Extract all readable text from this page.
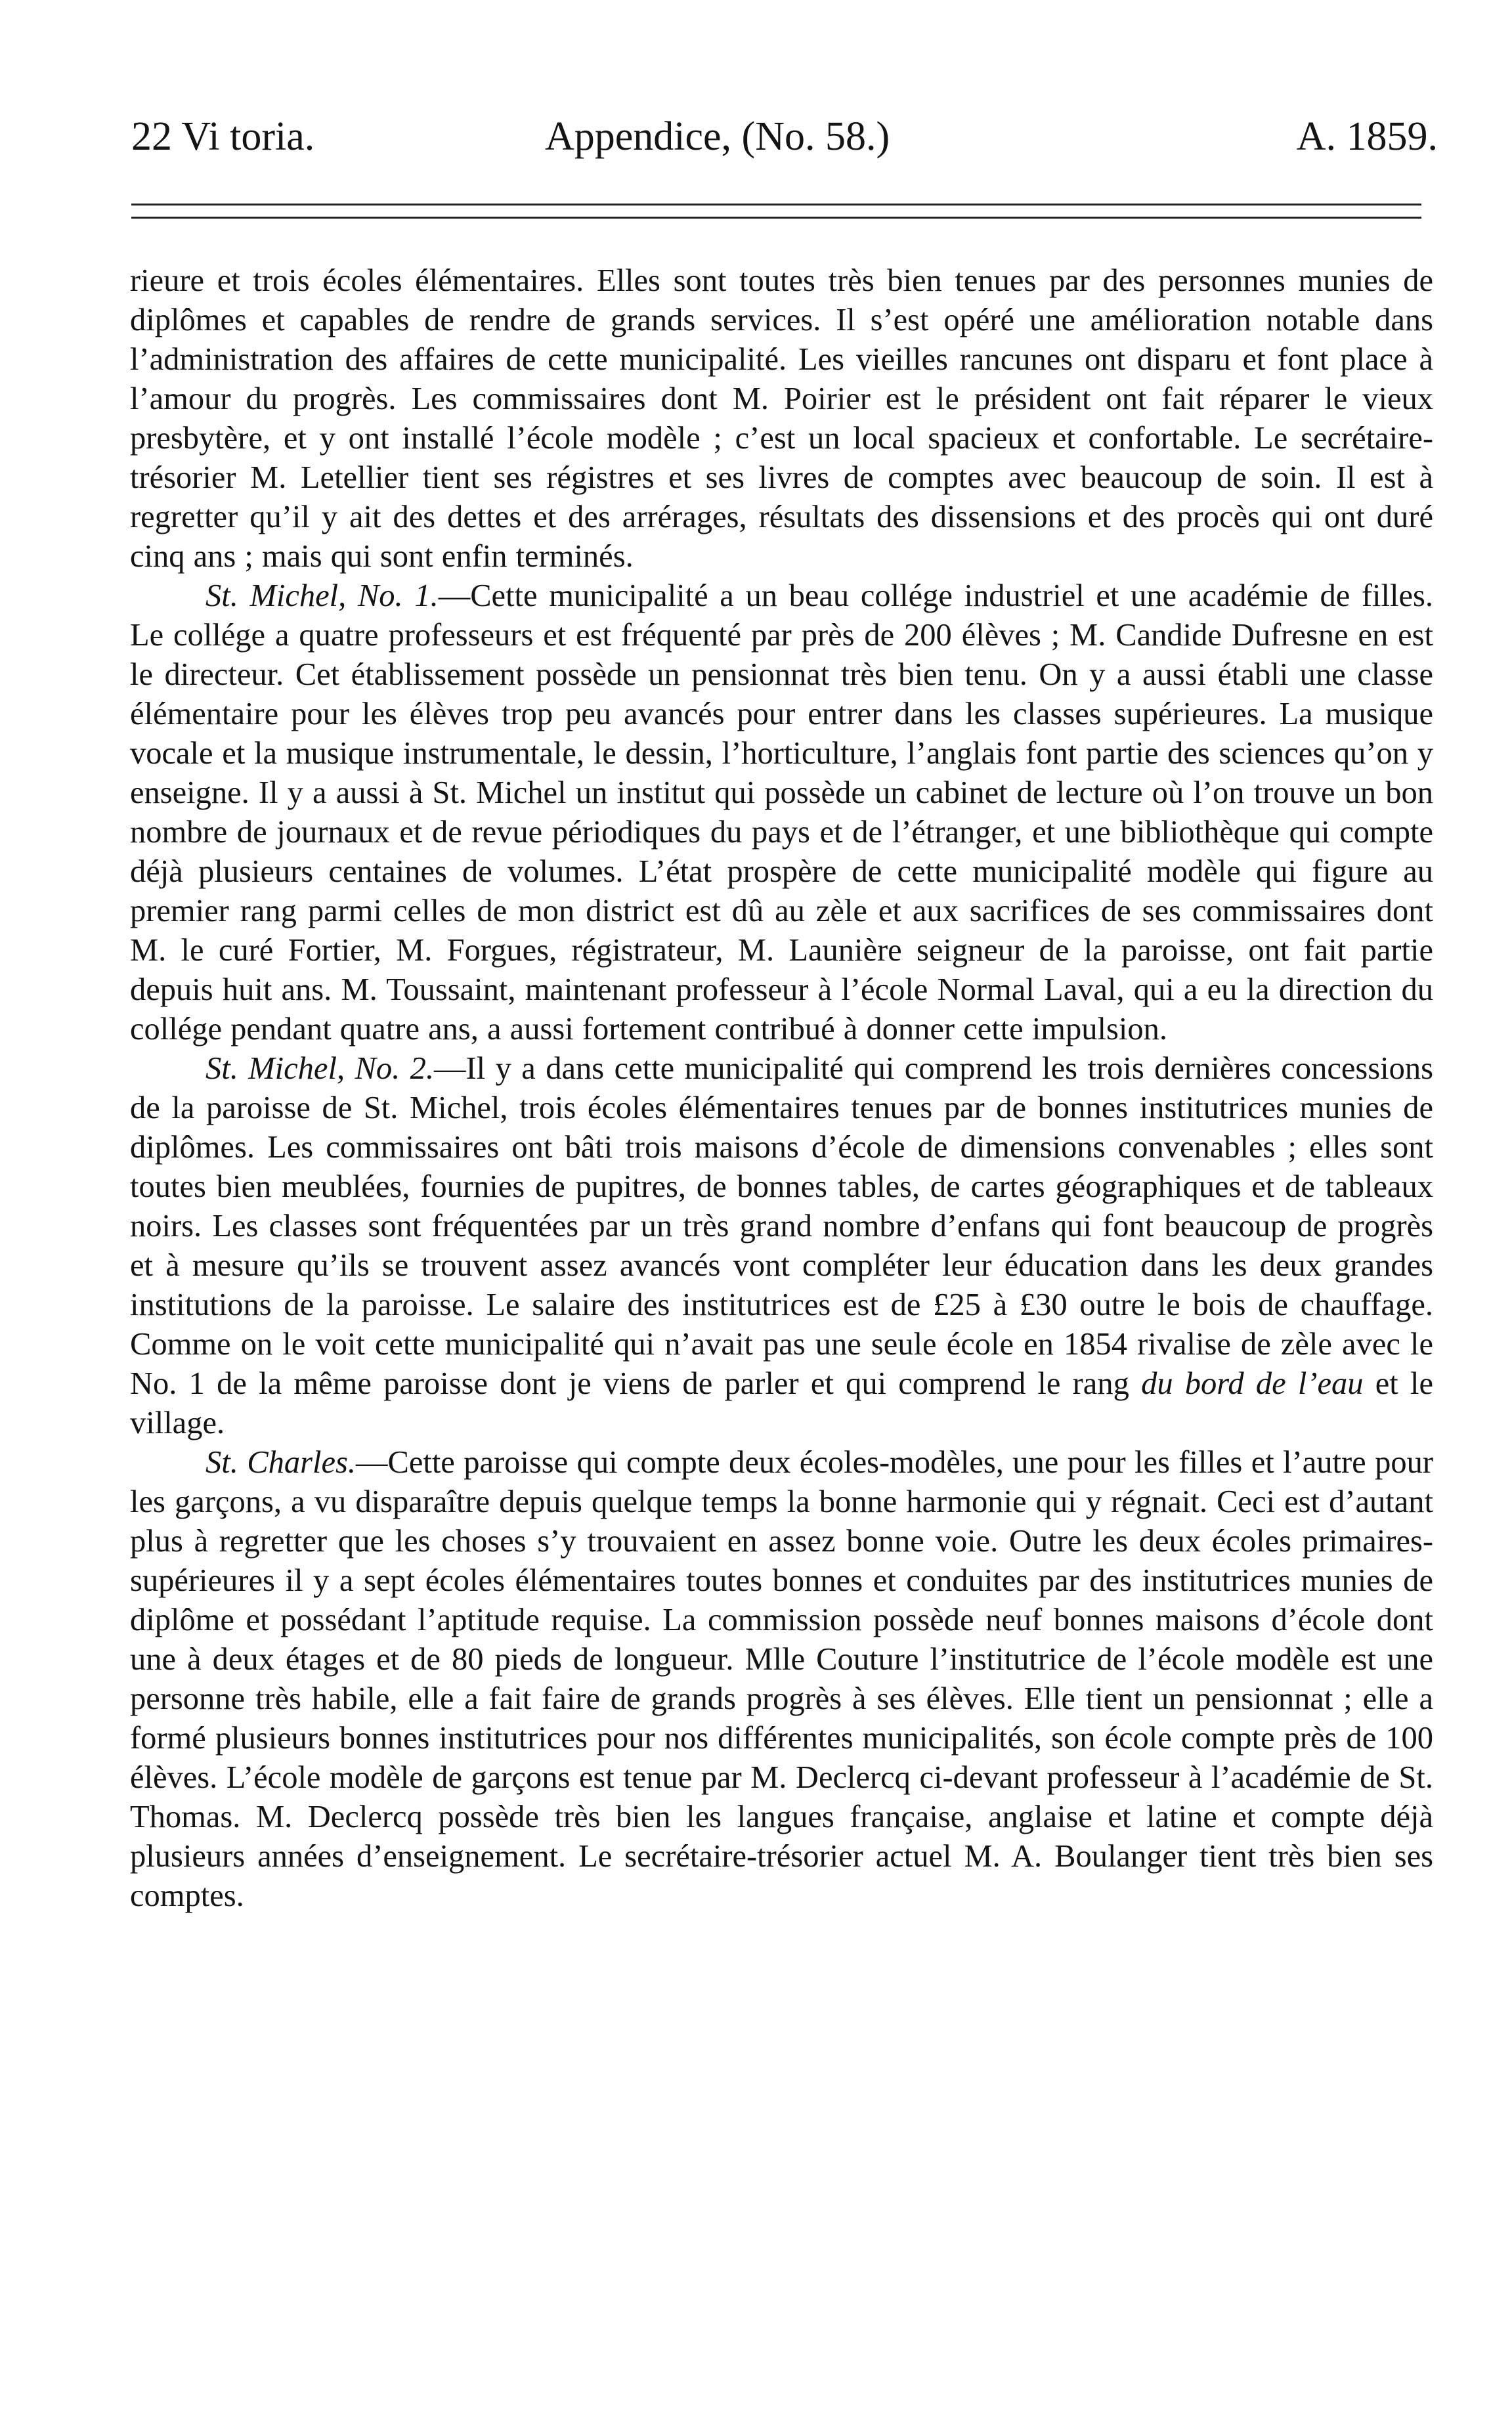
22 Vi toria.	Appendice, (No. 58.)	A. 1859.

rieure et trois écoles élémentaires. Elles sont toutes très bien tenues par des personnes munies de diplômes et capables de rendre de grands services. Il s’est opéré une amélioration notable dans l’administration des affaires de cette municipalité. Les vieilles rancunes ont disparu et font place à l’amour du progrès. Les commissaires dont M. Poirier est le président ont fait réparer le vieux presbytère, et y ont installé l’école modèle ; c’est un local spacieux et confortable. Le secrétaire-trésorier M. Letellier tient ses régistres et ses livres de comptes avec beaucoup de soin. Il est à regretter qu’il y ait des dettes et des arrérages, résultats des dissensions et des procès qui ont duré cinq ans ; mais qui sont enfin terminés.

St. Michel, No. 1.—Cette municipalité a un beau collége industriel et une académie de filles. Le collége a quatre professeurs et est fréquenté par près de 200 élèves ; M. Candide Dufresne en est le directeur. Cet établissement possède un pensionnat très bien tenu. On y a aussi établi une classe élémentaire pour les élèves trop peu avancés pour entrer dans les classes supérieures. La musique vocale et la musique instrumentale, le dessin, l’horticulture, l’anglais font partie des sciences qu’on y enseigne. Il y a aussi à St. Michel un institut qui possède un cabinet de lecture où l’on trouve un bon nombre de journaux et de revue périodiques du pays et de l’étranger, et une bibliothèque qui compte déjà plusieurs centaines de volumes. L’état prospère de cette municipalité modèle qui figure au premier rang parmi celles de mon district est dû au zèle et aux sacrifices de ses commissaires dont M. le curé Fortier, M. Forgues, régistrateur, M. Launière seigneur de la paroisse, ont fait partie depuis huit ans. M. Toussaint, maintenant professeur à l’école Normal Laval, qui a eu la direction du collége pendant quatre ans, a aussi fortement contribué à donner cette impulsion.

St. Michel, No. 2.—Il y a dans cette municipalité qui comprend les trois dernières concessions de la paroisse de St. Michel, trois écoles élémentaires tenues par de bonnes institutrices munies de diplômes. Les commissaires ont bâti trois maisons d’école de dimensions convenables ; elles sont toutes bien meublées, fournies de pupitres, de bonnes tables, de cartes géographiques et de tableaux noirs. Les classes sont fréquentées par un très grand nombre d’enfans qui font beaucoup de progrès et à mesure qu’ils se trouvent assez avancés vont compléter leur éducation dans les deux grandes institutions de la paroisse. Le salaire des institutrices est de £25 à £30 outre le bois de chauffage. Comme on le voit cette municipalité qui n’avait pas une seule école en 1854 rivalise de zèle avec le No. 1 de la même paroisse dont je viens de parler et qui comprend le rang du bord de l’eau et le village.

St. Charles.—Cette paroisse qui compte deux écoles-modèles, une pour les filles et l’autre pour les garçons, a vu disparaître depuis quelque temps la bonne harmonie qui y régnait. Ceci est d’autant plus à regretter que les choses s’y trouvaient en assez bonne voie. Outre les deux écoles primaires-supérieures il y a sept écoles élémentaires toutes bonnes et conduites par des institutrices munies de diplôme et possédant l’aptitude requise. La commission possède neuf bonnes maisons d’école dont une à deux étages et de 80 pieds de longueur. Mlle Couture l’institutrice de l’école modèle est une personne très habile, elle a fait faire de grands progrès à ses élèves. Elle tient un pensionnat ; elle a formé plusieurs bonnes institutrices pour nos différentes municipalités, son école compte près de 100 élèves. L’école modèle de garçons est tenue par M. Declercq ci-devant professeur à l’académie de St. Thomas. M. Declercq possède très bien les langues française, anglaise et latine et compte déjà plusieurs années d’enseignement. Le secrétaire-trésorier actuel M. A. Boulanger tient très bien ses comptes.
